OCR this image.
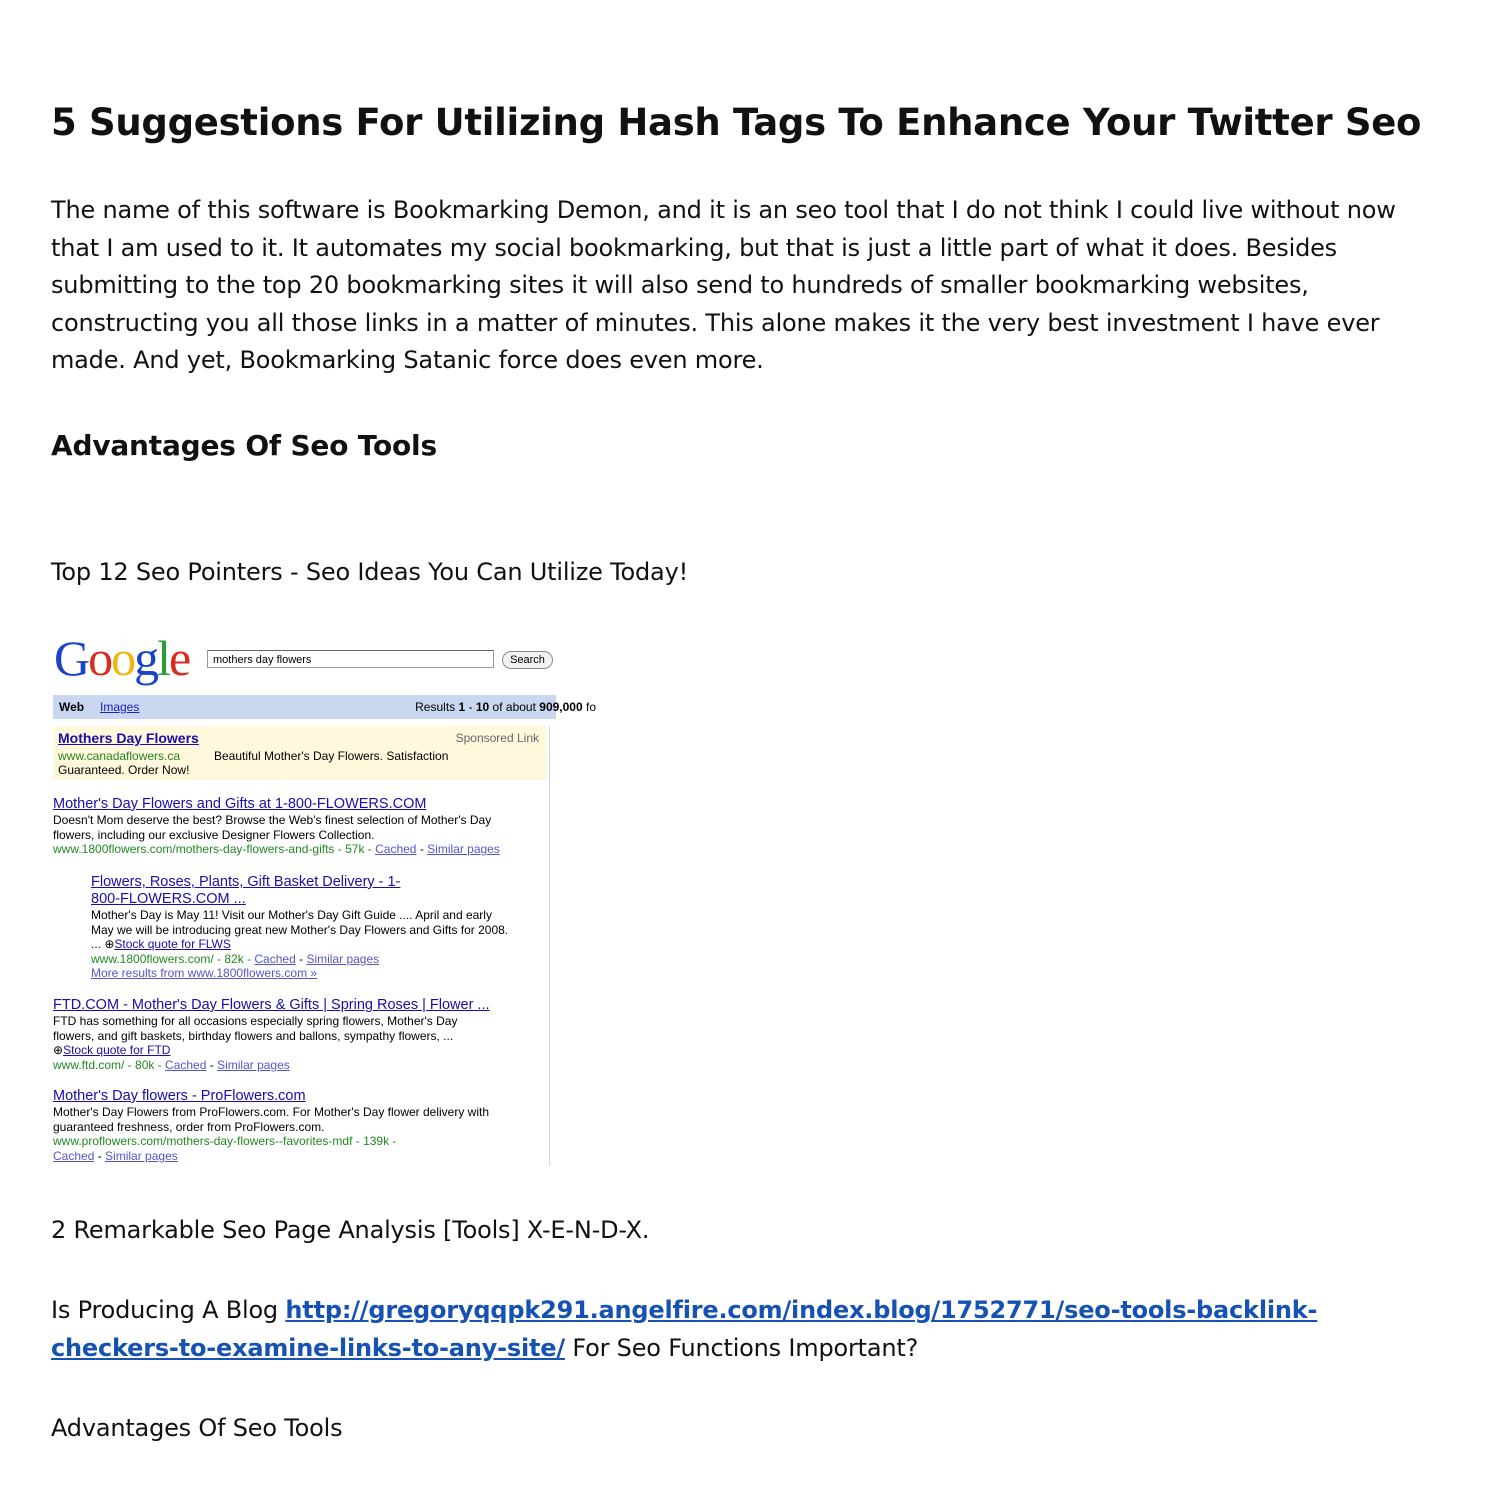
5 Suggestions For Utilizing Hash Tags To Enhance Your Twitter Seo

The name of this software is Bookmarking Demon, and it is an seo tool that I do not think I could live without now that I am used to it. It automates my social bookmarking, but that is just a little part of what it does. Besides submitting to the top 20 bookmarking sites it will also send to hundreds of smaller bookmarking websites, constructing you all those links in a matter of minutes. This alone makes it the very best investment I have ever made. And yet, Bookmarking Satanic force does even more.

Advantages Of Seo Tools

Top 12 Seo Pointers - Seo Ideas You Can Utilize Today!

Google	mothers day flowers	Search
Web Images	Results 1 - 10 of about 909,000 fo
Mothers Day Flowers	Sponsored Link
www.canadaflowers.ca	Beautiful Mother's Day Flowers. Satisfaction
Guaranteed. Order Now!
Mother's Day Flowers and Gifts at 1-800-FLOWERS.COM
Doesn't Mom deserve the best? Browse the Web's finest selection of Mother's Day
flowers, including our exclusive Designer Flowers Collection.
www.1800flowers.com/mothers-day-flowers-and-gifts - 57k - Cached - Similar pages
Flowers, Roses, Plants, Gift Basket Delivery - 1-
800-FLOWERS.COM ...
Mother's Day is May 11! Visit our Mother's Day Gift Guide .... April and early
May we will be introducing great new Mother's Day Flowers and Gifts for 2008.
... ⊕Stock quote for FLWS
www.1800flowers.com/ - 82k - Cached - Similar pages
More results from www.1800flowers.com »
FTD.COM - Mother's Day Flowers & Gifts | Spring Roses | Flower ...
FTD has something for all occasions especially spring flowers, Mother's Day
flowers, and gift baskets, birthday flowers and ballons, sympathy flowers, ...
⊕Stock quote for FTD
www.ftd.com/ - 80k - Cached - Similar pages
Mother's Day flowers - ProFlowers.com
Mother's Day Flowers from ProFlowers.com. For Mother's Day flower delivery with
guaranteed freshness, order from ProFlowers.com.
www.proflowers.com/mothers-day-flowers--favorites-mdf - 139k -
Cached - Similar pages

2 Remarkable Seo Page Analysis [Tools] X-E-N-D-X.

Is Producing A Blog http://gregoryqqpk291.angelfire.com/index.blog/1752771/seo-tools-backlink-checkers-to-examine-links-to-any-site/ For Seo Functions Important?

Advantages Of Seo Tools
